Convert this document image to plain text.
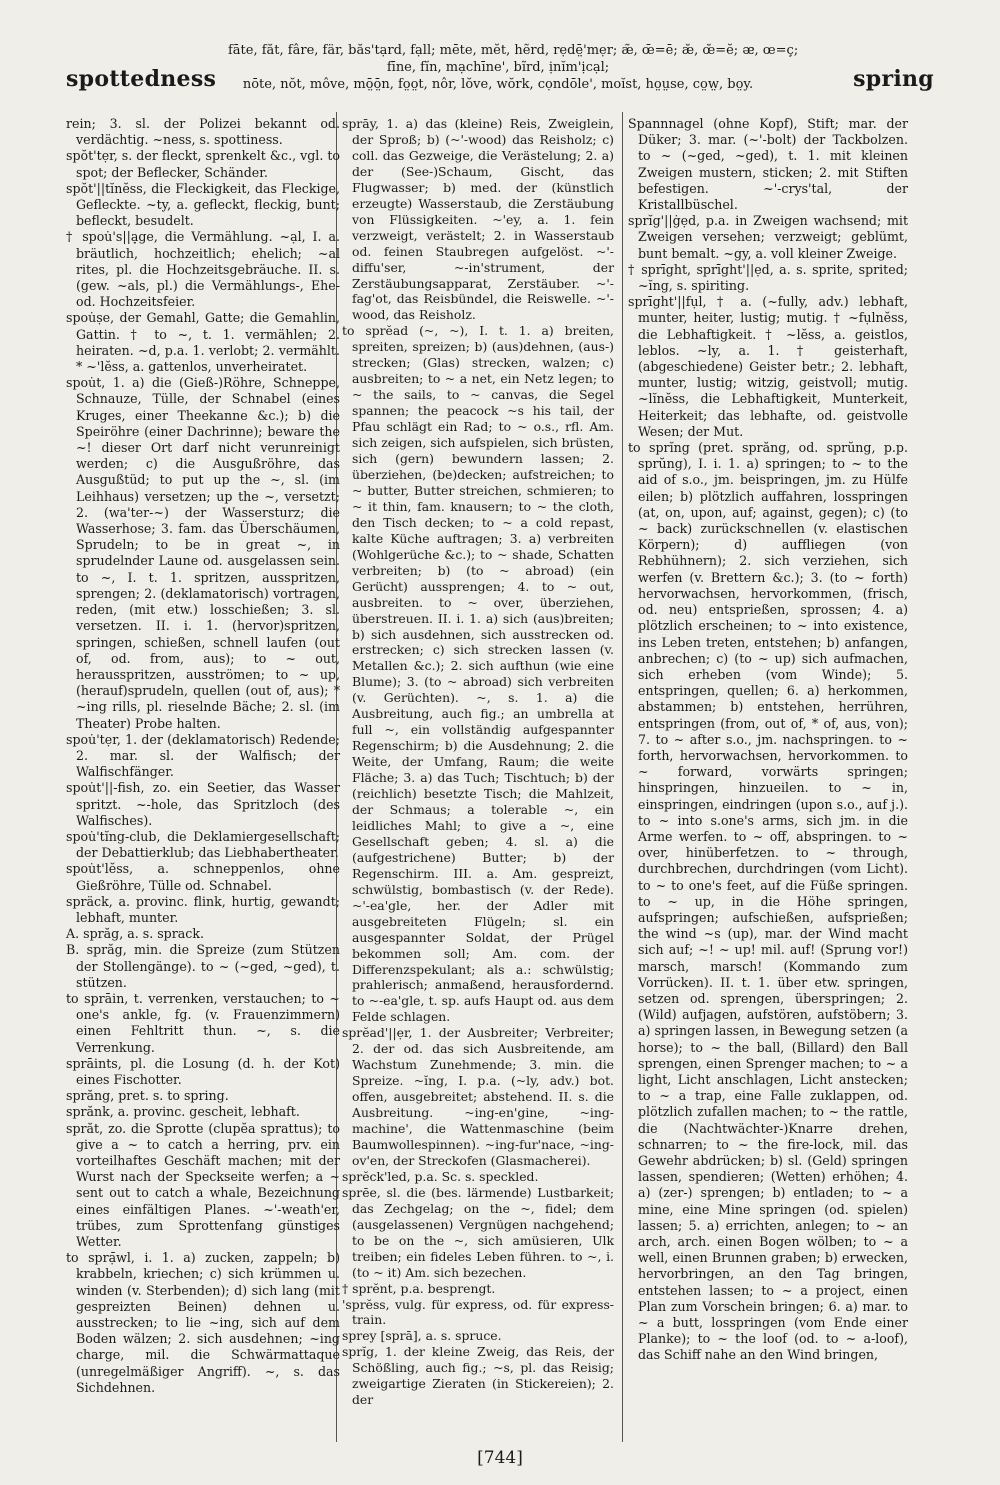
spottedness
fāte, făt, fâre, fär, băs'tạrd, fạll; mēte, mĕt, hẽrd, rẹdē̤'mẹr; æ̃, œ̄=ē; æ̆, œ̆=ĕ; ᴂ, œ=ç;
fīne, fĭn, mạchīne', bĩrd, ịnĭm'ịcạl;
nōte, nŏt, môve, mō̤ō̤n, fo̤o̤t, nôr, lŏve, wŏrk, cọndōle', moĭst, ho̤ṳse, co̤w̤, bo̤y.	spring
rein; 3. sl. der Polizei bekannt od. verdächtig. ~ness, s. spottiness.
spŏt'tẹr, s. der fleckt, sprenkelt &c., vgl. to spot; der Beflecker, Schänder.
spŏt'||tĭnĕss, die Fleckigkeit, das Fleckige, Gefleckte. ~ty, a. gefleckt, fleckig, bunt; befleckt, besudelt.
† spou̇'s||ạ̣ge, die Vermählung. ~ạl, I. a. bräutlich, hochzeitlich; ehelich; ~al rites, pl. die Hochzeitsgebräuche. II. s. (gew. ~als, pl.) die Vermählungs-, Ehe- od. Hochzeitsfeier.
spou̇ṣe, der Gemahl, Gatte; die Gemahlin, Gattin. † to ~, t. 1. vermählen; 2. heiraten. ~d, p.a. 1. verlobt; 2. vermählt. * ~'lĕss, a. gattenlos, unverheiratet.
spou̇t, 1. a) die (Gieß-)Röhre, Schneppe, Schnauze, Tülle, der Schnabel (eines Kruges, einer Theekanne &c.); b) die Speiröhre (einer Dachrinne); beware the ~! dieser Ort darf nicht verunreinigt werden; c) die Ausgußröhre, das Ausgußtüd; to put up the ~, sl. (im Leihhaus) versetzen; up the ~, versetzt; 2. (wa'ter-~) der Wassersturz; die Wasserhose; 3. fam. das Überschäumen, Sprudeln; to be in great ~, in sprudelnder Laune od. ausgelassen sein. to ~, I. t. 1. spritzen, ausspritzen, sprengen; 2. (deklamatorisch) vortragen, reden, (mit etw.) losschießen; 3. sl. versetzen. II. i. 1. (hervor)spritzen, springen, schießen, schnell laufen (out of, od. from, aus); to ~ out, herausspritzen, ausströmen; to ~ up, (herauf)sprudeln, quellen (out of, aus); * ~ing rills, pl. rieselnde Bäche; 2. sl. (im Theater) Probe halten.
spou̇'tẹr, 1. der (deklamatorisch) Redende; 2. mar. sl. der Walfisch; der Walfischfänger.
spou̇t'||-fish, zo. ein Seetier, das Wasser spritzt. ~-hole, das Spritzloch (des Walfisches).
spou̇'tĭng-club, die Deklamiergesellschaft; der Debattierklub; das Liebhabertheater.
spou̇t'lĕss, a. schneppenlos, ohne Gießröhre, Tülle od. Schnabel.
spräck, a. provinc. flink, hurtig, gewandt; lebhaft, munter.
A. sprăg, a. s. sprack.
B. sprăg, min. die Spreize (zum Stützen der Stollengänge). to ~ (~ged, ~ged), t. stützen.
to sprāin, t. verrenken, verstauchen; to ~ one's ankle, fg. (v. Frauenzimmern) einen Fehltritt thun. ~, s. die Verrenkung.
sprāints, pl. die Losung (d. h. der Kot) eines Fischotter.
sprăng, pret. s. to spring.
sprănk, a. provinc. gescheit, lebhaft.
sprăt, zo. die Sprotte (clupĕa sprattus); to give a ~ to catch a herring, prv. ein vorteilhaftes Geschäft machen; mit der Wurst nach der Speckseite werfen; a ~ sent out to catch a whale, Bezeichnung eines einfältigen Planes. ~'-weath'er, trübes, zum Sprottenfang günstiges Wetter.
to sprạ̄wl, i. 1. a) zucken, zappeln; b) krabbeln, kriechen; c) sich krümmen u. winden (v. Sterbenden); d) sich lang (mit gespreizten Beinen) dehnen u. ausstrecken; to lie ~ing, sich auf dem Boden wälzen; 2. sich ausdehnen; ~ing charge, mil. die Schwärmattaque (unregelmäßiger Angriff). ~, s. das Sichdehnen.
sprāy, 1. a) das (kleine) Reis, Zweiglein, der Sproß; b) (~'-wood) das Reisholz; c) coll. das Gezweige, die Verästelung; 2. a) der (See-)Schaum, Gischt, das Flugwasser; b) med. der (künstlich erzeugte) Wasserstaub, die Zerstäubung von Flüssigkeiten. ~'ey, a. 1. fein verzweigt, verästelt; 2. in Wasserstaub od. feinen Staubregen aufgelöst. ~'-diffu'ser, ~-in'strument, der Zerstäubungsapparat, Zerstäuber. ~'-fag'ot, das Reisbündel, die Reiswelle. ~'-wood, das Reisholz.
to sprĕad (~, ~), I. t. 1. a) breiten, spreiten, spreizen; b) (aus)dehnen, (aus-) strecken; (Glas) strecken, walzen; c) ausbreiten; to ~ a net, ein Netz legen; to ~ the sails, to ~ canvas, die Segel spannen; the peacock ~s his tail, der Pfau schlägt ein Rad; to ~ o.s., rfl. Am. sich zeigen, sich aufspielen, sich brüsten, sich (gern) bewundern lassen; 2. überziehen, (be)decken; aufstreichen; to ~ butter, Butter streichen, schmieren; to ~ it thin, fam. knausern; to ~ the cloth, den Tisch decken; to ~ a cold repast, kalte Küche auftragen; 3. a) verbreiten (Wohlgerüche &c.); to ~ shade, Schatten verbreiten; b) (to ~ abroad) (ein Gerücht) aussprengen; 4. to ~ out, ausbreiten. to ~ over, überziehen, überstreuen. II. i. 1. a) sich (aus)breiten; b) sich ausdehnen, sich ausstrecken od. erstrecken; c) sich strecken lassen (v. Metallen &c.); 2. sich aufthun (wie eine Blume); 3. (to ~ abroad) sich verbreiten (v. Gerüchten). ~, s. 1. a) die Ausbreitung, auch fig.; an umbrella at full ~, ein vollständig aufgespannter Regenschirm; b) die Ausdehnung; 2. die Weite, der Umfang, Raum; die weite Fläche; 3. a) das Tuch; Tischtuch; b) der (reichlich) besetzte Tisch; die Mahlzeit, der Schmaus; a tolerable ~, ein leidliches Mahl; to give a ~, eine Gesellschaft geben; 4. sl. a) die (aufgestrichene) Butter; b) der Regenschirm. III. a. Am. gespreizt, schwülstig, bombastisch (v. der Rede). ~'-ea'gle, her. der Adler mit ausgebreiteten Flügeln; sl. ein ausgespannter Soldat, der Prügel bekommen soll; Am. com. der Differenzspekulant; als a.: schwülstig; prahlerisch; anmaßend, herausfordernd. to ~-ea'gle, t. sp. aufs Haupt od. aus dem Felde schlagen.
sprĕad'||ẹr, 1. der Ausbreiter; Verbreiter; 2. der od. das sich Ausbreitende, am Wachstum Zunehmende; 3. min. die Spreize. ~ĭng, I. p.a. (~ly, adv.) bot. offen, ausgebreitet; abstehend. II. s. die Ausbreitung. ~ing-en'gine, ~ing-machine', die Wattenmaschine (beim Baumwollespinnen). ~ing-fur'nace, ~ing-ov'en, der Streckofen (Glasmacherei).
sprĕck'led, p.a. Sc. s. speckled.
sprēe, sl. die (bes. lärmende) Lustbarkeit; das Zechgelag; on the ~, fidel; dem (ausgelassenen) Vergnügen nachgehend; to be on the ~, sich amüsieren, Ulk treiben; ein fideles Leben führen. to ~, i. (to ~ it) Am. sich bezechen.
† sprĕnt, p.a. besprengt.
'sprĕss, vulg. für express, od. für express-train.
sprey [sprā], a. s. spruce.
sprĭg, 1. der kleine Zweig, das Reis, der Schößling, auch fig.; ~s, pl. das Reisig; zweigartige Zieraten (in Stickereien); 2. der
Spannnagel (ohne Kopf), Stift; mar. der Düker; 3. mar. (~'-bolt) der Tackbolzen. to ~ (~ged, ~ged), t. 1. mit kleinen Zweigen mustern, sticken; 2. mit Stiften befestigen. ~'-crys'tal, der Kristallbüschel.
sprĭg'||ġẹd, p.a. in Zweigen wachsend; mit Zweigen versehen; verzweigt; geblümt, bunt bemalt. ~gy, a. voll kleiner Zweige.
† sprīght, sprīght'||ẹd, a. s. sprite, sprited; ~ĭng, s. spiriting.
sprīght'||fụl, † a. (~fully, adv.) lebhaft, munter, heiter, lustig; mutig. † ~fụlnĕss, die Lebhaftigkeit. † ~lĕss, a. geistlos, leblos. ~ly, a. 1. † geisterhaft, (abgeschiedene) Geister betr.; 2. lebhaft, munter, lustig; witzig, geistvoll; mutig. ~lĭnĕss, die Lebhaftigkeit, Munterkeit, Heiterkeit; das lebhafte, od. geistvolle Wesen; der Mut.
to sprĭng (pret. sprăng, od. sprŭng, p.p. sprŭng), I. i. 1. a) springen; to ~ to the aid of s.o., jm. beispringen, jm. zu Hülfe eilen; b) plötzlich auffahren, losspringen (at, on, upon, auf; against, gegen); c) (to ~ back) zurückschnellen (v. elastischen Körpern); d) auffliegen (von Rebhühnern); 2. sich verziehen, sich werfen (v. Brettern &c.); 3. (to ~ forth) hervorwachsen, hervorkommen, (frisch, od. neu) entsprießen, sprossen; 4. a) plötzlich erscheinen; to ~ into existence, ins Leben treten, entstehen; b) anfangen, anbrechen; c) (to ~ up) sich aufmachen, sich erheben (vom Winde); 5. entspringen, quellen; 6. a) herkommen, abstammen; b) entstehen, herrühren, entspringen (from, out of, * of, aus, von); 7. to ~ after s.o., jm. nachspringen. to ~ forth, hervorwachsen, hervorkommen. to ~ forward, vorwärts springen; hinspringen, hinzueilen. to ~ in, einspringen, eindringen (upon s.o., auf j.). to ~ into s.one's arms, sich jm. in die Arme werfen. to ~ off, abspringen. to ~ over, hinüberfetzen. to ~ through, durchbrechen, durchdringen (vom Licht). to ~ to one's feet, auf die Füße springen. to ~ up, in die Höhe springen, aufspringen; aufschießen, aufsprießen; the wind ~s (up), mar. der Wind macht sich auf; ~! ~ up! mil. auf! (Sprung vor!) marsch, marsch! (Kommando zum Vorrücken). II. t. 1. über etw. springen, setzen od. sprengen, überspringen; 2. (Wild) aufjagen, aufstören, aufstöbern; 3. a) springen lassen, in Bewegung setzen (a horse); to ~ the ball, (Billard) den Ball sprengen, einen Sprenger machen; to ~ a light, Licht anschlagen, Licht anstecken; to ~ a trap, eine Falle zuklappen, od. plötzlich zufallen machen; to ~ the rattle, die (Nachtwächter-)Knarre drehen, schnarren; to ~ the fire-lock, mil. das Gewehr abdrücken; b) sl. (Geld) springen lassen, spendieren; (Wetten) erhöhen; 4. a) (zer-) sprengen; b) entladen; to ~ a mine, eine Mine springen (od. spielen) lassen; 5. a) errichten, anlegen; to ~ an arch, arch. einen Bogen wölben; to ~ a well, einen Brunnen graben; b) erwecken, hervorbringen, an den Tag bringen, entstehen lassen; to ~ a project, einen Plan zum Vorschein bringen; 6. a) mar. to ~ a butt, losspringen (vom Ende einer Planke); to ~ the loof (od. to ~ a-loof), das Schiff nahe an den Wind bringen,
[744]
